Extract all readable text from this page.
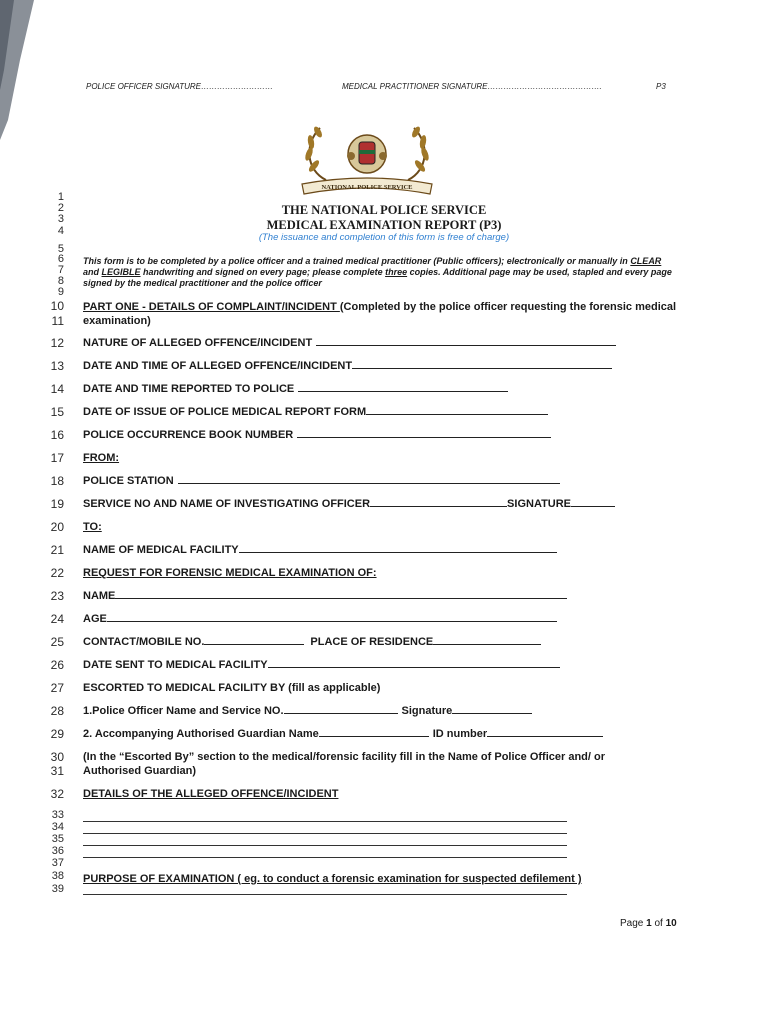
POLICE OFFICER SIGNATURE………………………	MEDICAL PRACTITIONER SIGNATURE…………………………………….	P3
NATIONAL POLICE SERVICE
1
2
3
4
5
6
7
8
9
10
11
12
13
14
15
16
17
18
19
20
21
22
23
24
25
26
27
28
29
30
31
32
33
34
35
36
37
38
39
THE NATIONAL POLICE SERVICE
MEDICAL EXAMINATION REPORT (P3)
(The issuance and completion of this form is free of charge)
This form is to be completed by a police officer and a trained medical practitioner (Public officers); electronically or manually in CLEAR and LEGIBLE handwriting and signed on every page; please complete three copies. Additional page may be used, stapled and every page signed by the medical practitioner and the police officer
PART ONE - DETAILS OF COMPLAINT/INCIDENT (Completed by the police officer requesting the forensic medical examination)
NATURE OF ALLEGED OFFENCE/INCIDENT
DATE AND TIME OF ALLEGED OFFENCE/INCIDENT
DATE AND TIME REPORTED TO POLICE
DATE OF ISSUE OF POLICE MEDICAL REPORT FORM
POLICE OCCURRENCE BOOK NUMBER
FROM:
POLICE STATION
SERVICE NO AND NAME OF INVESTIGATING OFFICER	SIGNATURE
TO:
NAME OF MEDICAL FACILITY
REQUEST FOR FORENSIC MEDICAL EXAMINATION OF:
NAME
AGE
CONTACT/MOBILE NO.	PLACE OF RESIDENCE
DATE SENT TO MEDICAL FACILITY
ESCORTED TO MEDICAL FACILITY BY (fill as applicable)
1.Police Officer Name and Service NO.	Signature
2. Accompanying Authorised Guardian Name	ID number
(In the “Escorted By” section to the medical/forensic facility fill in the Name of Police Officer and/ or
Authorised Guardian)
DETAILS OF THE ALLEGED OFFENCE/INCIDENT
PURPOSE OF EXAMINATION ( eg. to conduct a forensic examination for suspected defilement )
Page 1 of 10
